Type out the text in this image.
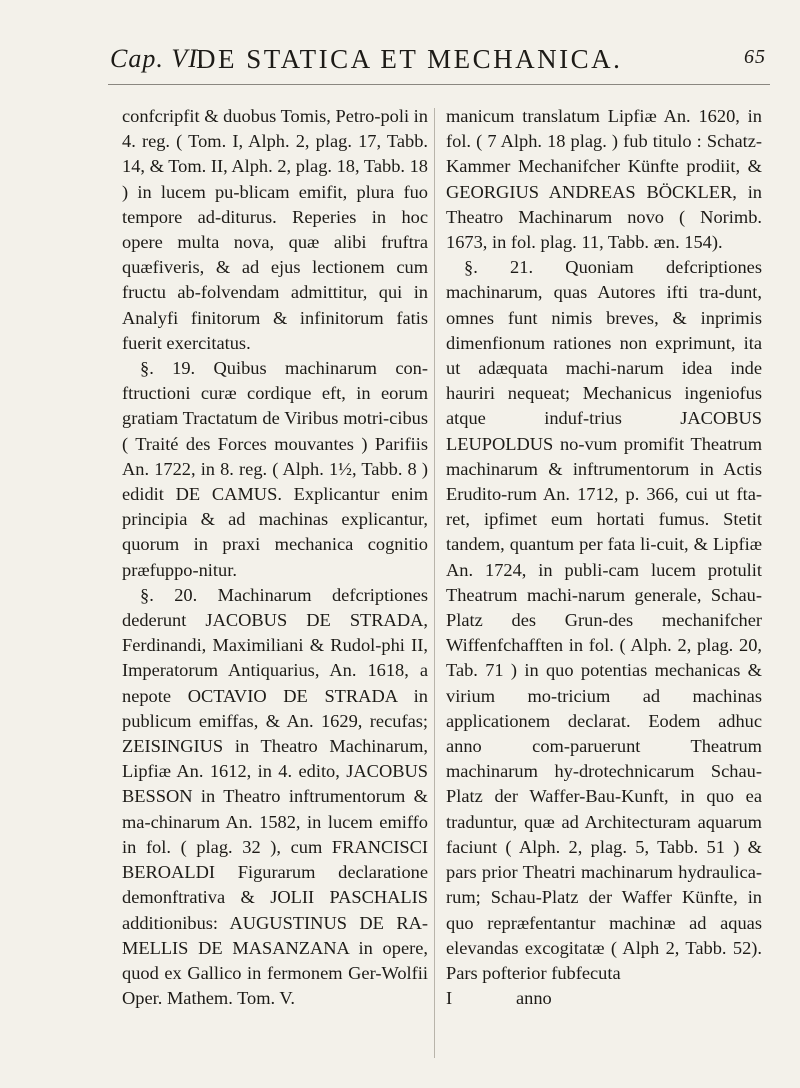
Cap. VI.
DE STATICA ET MECHANICA.	65

confcripfit & duobus Tomis, Petro-poli in 4. reg. ( Tom. I, Alph. 2, plag. 17, Tabb. 14, & Tom. II, Alph. 2, plag. 18, Tabb. 18 ) in lucem pu-blicam emifit, plura fuo tempore ad-diturus. Reperies in hoc opere multa nova, quæ alibi fruftra quæfiveris, & ad ejus lectionem cum fructu ab-folvendam admittitur, qui in Analyfi finitorum & infinitorum fatis fuerit exercitatus.

§. 19. Quibus machinarum con-ftructioni curæ cordique eft, in eorum gratiam Tractatum de Viribus motri-cibus ( Traité des Forces mouvantes ) Parifiis An. 1722, in 8. reg. ( Alph. 1½, Tabb. 8 ) edidit DE CAMUS. Explicantur enim principia & ad machinas explicantur, quorum in praxi mechanica cognitio præfuppo-nitur.

§. 20. Machinarum defcriptiones dederunt JACOBUS DE STRADA, Ferdinandi, Maximiliani & Rudol-phi II, Imperatorum Antiquarius, An. 1618, a nepote OCTAVIO DE STRADA in publicum emiffas, & An. 1629, recufas; ZEISINGIUS in Theatro Machinarum, Lipfiæ An. 1612, in 4. edito, JACOBUS BESSON in Theatro inftrumentorum & ma-chinarum An. 1582, in lucem emiffo in fol. ( plag. 32 ), cum FRANCISCI BEROALDI Figurarum declaratione demonftrativa & JOLII PASCHALIS additionibus: AUGUSTINUS DE RA-MELLIS DE MASANZANA in opere, quod ex Gallico in fermonem Ger-Wolfii Oper. Mathem. Tom. V.

manicum translatum Lipfiæ An. 1620, in fol. ( 7 Alph. 18 plag. ) fub titulo : Schatz-Kammer Mechanifcher Künfte prodiit, & GEORGIUS ANDREAS BÖCKLER, in Theatro Machinarum novo ( Norimb. 1673, in fol. plag. 11, Tabb. æn. 154).

§. 21. Quoniam defcriptiones machinarum, quas Autores ifti tra-dunt, omnes funt nimis breves, & inprimis dimenfionum rationes non exprimunt, ita ut adæquata machi-narum idea inde hauriri nequeat; Mechanicus ingeniofus atque induf-trius JACOBUS LEUPOLDUS no-vum promifit Theatrum machinarum & inftrumentorum in Actis Erudito-rum An. 1712, p. 366, cui ut fta-ret, ipfimet eum hortati fumus. Stetit tandem, quantum per fata li-cuit, & Lipfiæ An. 1724, in publi-cam lucem protulit Theatrum machi-narum generale, Schau-Platz des Grun-des mechanifcher Wiffenfchafften in fol. ( Alph. 2, plag. 20, Tab. 71 ) in quo potentias mechanicas & virium mo-tricium ad machinas applicationem declarat. Eodem adhuc anno com-paruerunt Theatrum machinarum hy-drotechnicarum Schau-Platz der Waffer-Bau-Kunft, in quo ea traduntur, quæ ad Architecturam aquarum faciunt ( Alph. 2, plag. 5, Tabb. 51 ) & pars prior Theatri machinarum hydraulica-rum; Schau-Platz der Waffer Künfte, in quo repræfentantur machinæ ad aquas elevandas excogitatæ ( Alph 2, Tabb. 52). Pars pofterior fubfecuta

I	anno
